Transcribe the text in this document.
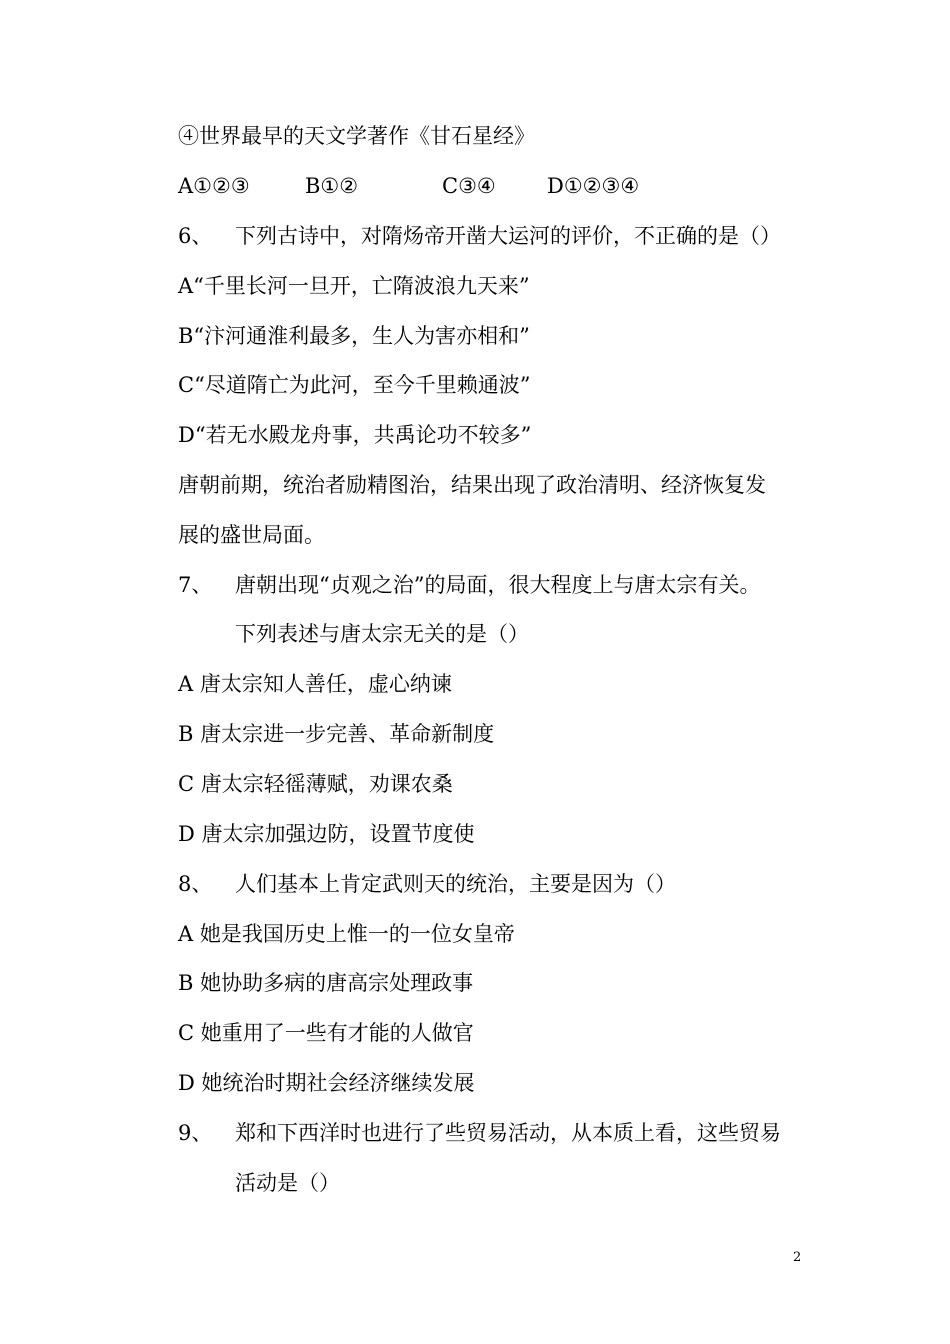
④世界最早的天文学著作《甘石星经》
A①②③	B①②	C③④ D①②③④
6、 下列古诗中，对隋炀帝开凿大运河的评价，不正确的是（）
A“千里长河一旦开，亡隋波浪九天来”
B“汴河通淮利最多，生人为害亦相和”
C“尽道隋亡为此河，至今千里赖通波”
D“若无水殿龙舟事，共禹论功不较多”
唐朝前期，统治者励精图治，结果出现了政治清明、经济恢复发
展的盛世局面。
7、 唐朝出现“贞观之治”的局面，很大程度上与唐太宗有关。
下列表述与唐太宗无关的是（）
A 唐太宗知人善任，虚心纳谏
B 唐太宗进一步完善、革命新制度
C 唐太宗轻徭薄赋，劝课农桑
D 唐太宗加强边防，设置节度使
8、 人们基本上肯定武则天的统治，主要是因为（）
A 她是我国历史上惟一的一位女皇帝
B 她协助多病的唐高宗处理政事
C 她重用了一些有才能的人做官
D 她统治时期社会经济继续发展
9、 郑和下西洋时也进行了些贸易活动，从本质上看，这些贸易
活动是（）
2
